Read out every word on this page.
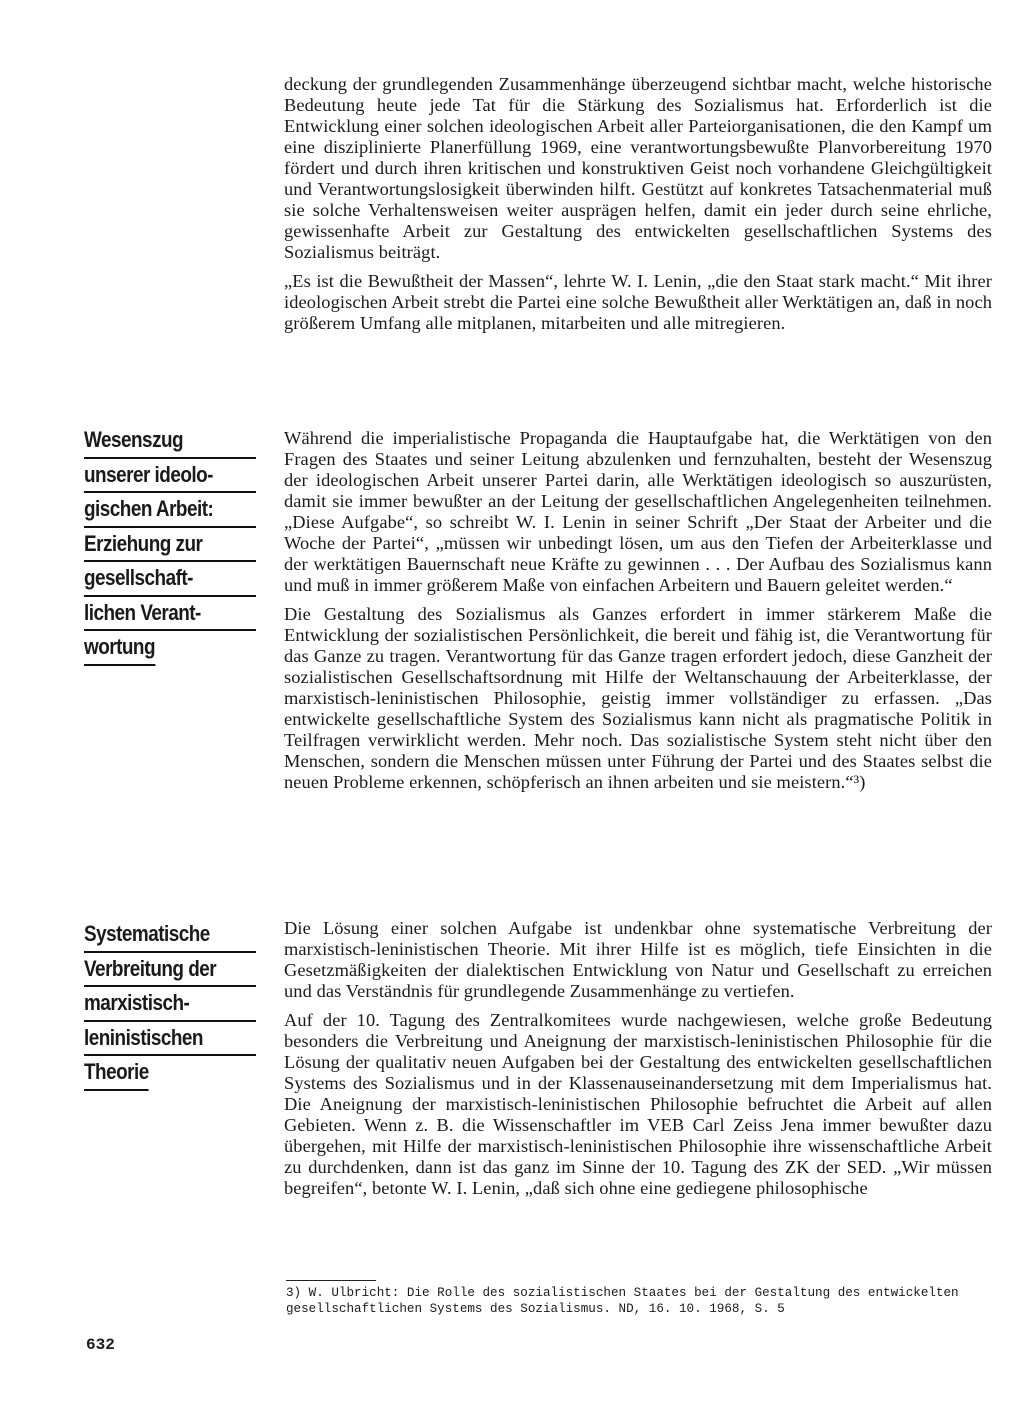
deckung der grundlegenden Zusammenhänge überzeugend sichtbar macht, welche historische Bedeutung heute jede Tat für die Stärkung des Sozialismus hat. Erforderlich ist die Entwicklung einer solchen ideologischen Arbeit aller Parteiorganisationen, die den Kampf um eine disziplinierte Planerfüllung 1969, eine verantwortungsbewußte Planvorbereitung 1970 fördert und durch ihren kritischen und konstruktiven Geist noch vorhandene Gleichgültigkeit und Verantwortungslosigkeit überwinden hilft. Gestützt auf konkretes Tatsachenmaterial muß sie solche Verhaltensweisen weiter ausprägen helfen, damit ein jeder durch seine ehrliche, gewissenhafte Arbeit zur Gestaltung des entwickelten gesellschaftlichen Systems des Sozialismus beiträgt.

„Es ist die Bewußtheit der Massen“, lehrte W. I. Lenin, „die den Staat stark macht.“ Mit ihrer ideologischen Arbeit strebt die Partei eine solche Bewußtheit aller Werktätigen an, daß in noch größerem Umfang alle mitplanen, mitarbeiten und alle mitregieren.

Wesenszug
unserer ideolo-
gischen Arbeit:
Erziehung zur
gesellschaft-
lichen Verant-
wortung

Während die imperialistische Propaganda die Hauptaufgabe hat, die Werktätigen von den Fragen des Staates und seiner Leitung abzulenken und fernzuhalten, besteht der Wesenszug der ideologischen Arbeit unserer Partei darin, alle Werktätigen ideologisch so auszurüsten, damit sie immer bewußter an der Leitung der gesellschaftlichen Angelegenheiten teilnehmen. „Diese Aufgabe“, so schreibt W. I. Lenin in seiner Schrift „Der Staat der Arbeiter und die Woche der Partei“, „müssen wir unbedingt lösen, um aus den Tiefen der Arbeiterklasse und der werktätigen Bauernschaft neue Kräfte zu gewinnen . . . Der Aufbau des Sozialismus kann und muß in immer größerem Maße von einfachen Arbeitern und Bauern geleitet werden.“

Die Gestaltung des Sozialismus als Ganzes erfordert in immer stärkerem Maße die Entwicklung der sozialistischen Persönlichkeit, die bereit und fähig ist, die Verantwortung für das Ganze zu tragen. Verantwortung für das Ganze tragen erfordert jedoch, diese Ganzheit der sozialistischen Gesellschaftsordnung mit Hilfe der Weltanschauung der Arbeiterklasse, der marxistisch-leninistischen Philosophie, geistig immer vollständiger zu erfassen. „Das entwickelte gesellschaftliche System des Sozialismus kann nicht als pragmatische Politik in Teilfragen verwirklicht werden. Mehr noch. Das sozialistische System steht nicht über den Menschen, sondern die Menschen müssen unter Führung der Partei und des Staates selbst die neuen Probleme erkennen, schöpferisch an ihnen arbeiten und sie meistern.“³)

Systematische
Verbreitung der
marxistisch-
leninistischen
Theorie

Die Lösung einer solchen Aufgabe ist undenkbar ohne systematische Verbreitung der marxistisch-leninistischen Theorie. Mit ihrer Hilfe ist es möglich, tiefe Einsichten in die Gesetzmäßigkeiten der dialektischen Entwicklung von Natur und Gesellschaft zu erreichen und das Verständnis für grundlegende Zusammenhänge zu vertiefen.

Auf der 10. Tagung des Zentralkomitees wurde nachgewiesen, welche große Bedeutung besonders die Verbreitung und Aneignung der marxistisch-leninistischen Philosophie für die Lösung der qualitativ neuen Aufgaben bei der Gestaltung des entwickelten gesellschaftlichen Systems des Sozialismus und in der Klassenauseinandersetzung mit dem Imperialismus hat. Die Aneignung der marxistisch-leninistischen Philosophie befruchtet die Arbeit auf allen Gebieten. Wenn z. B. die Wissenschaftler im VEB Carl Zeiss Jena immer bewußter dazu übergehen, mit Hilfe der marxistisch-leninistischen Philosophie ihre wissenschaftliche Arbeit zu durchdenken, dann ist das ganz im Sinne der 10. Tagung des ZK der SED. „Wir müssen begreifen“, betonte W. I. Lenin, „daß sich ohne eine gediegene philosophische

3) W. Ulbricht: Die Rolle des sozialistischen Staates bei der Gestaltung des entwickelten gesellschaftlichen Systems des Sozialismus. ND, 16. 10. 1968, S. 5

632
